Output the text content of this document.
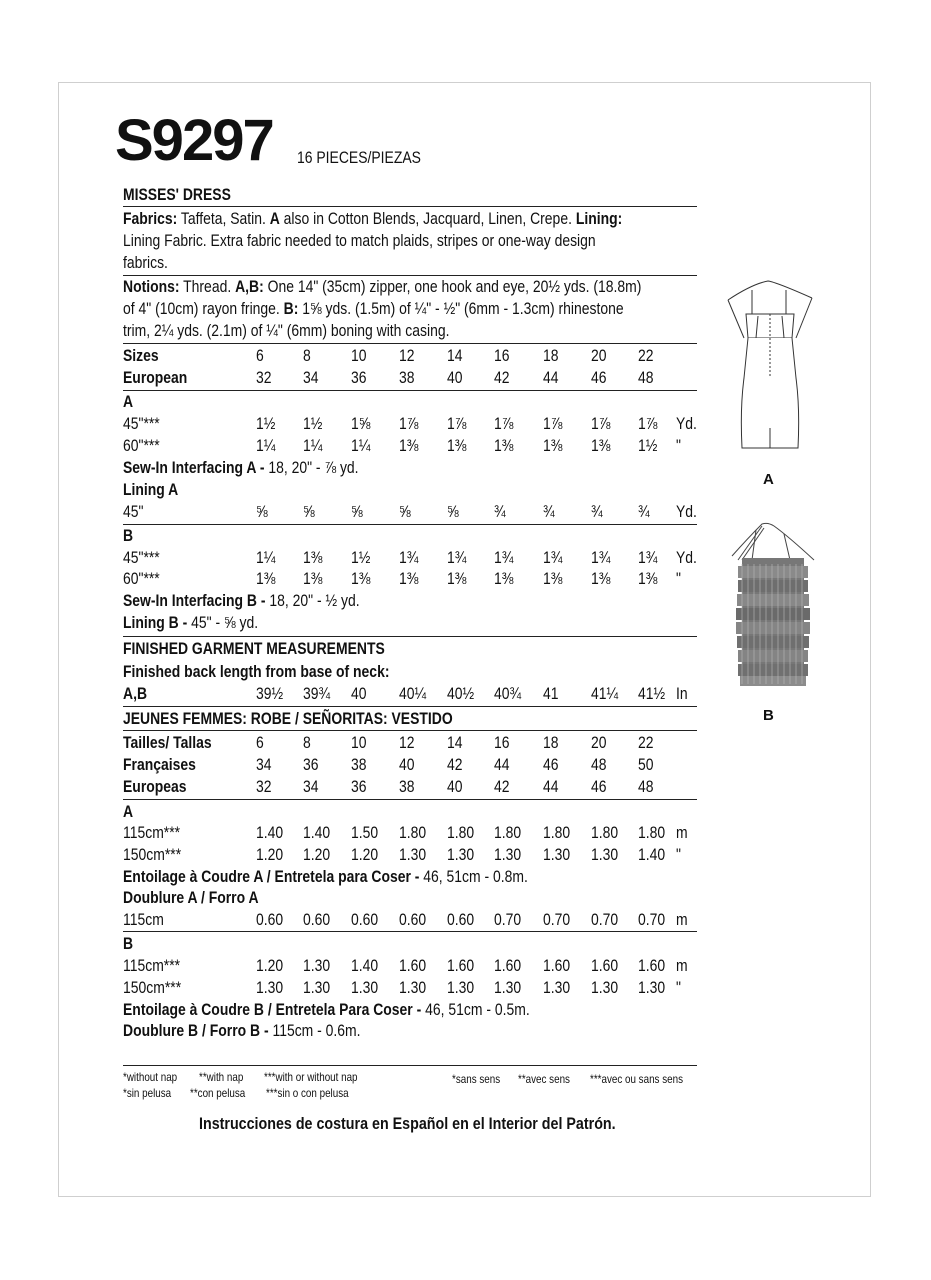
S9297 16 PIECES/PIEZAS
MISSES' DRESS
Fabrics: Taffeta, Satin. A also in Cotton Blends, Jacquard, Linen, Crepe. Lining:
Lining Fabric. Extra fabric needed to match plaids, stripes or one-way design
fabrics.
Notions: Thread. A,B: One 14" (35cm) zipper, one hook and eye, 20½ yds. (18.8m)
of 4" (10cm) rayon fringe. B: 1⅝ yds. (1.5m) of ¼" - ½" (6mm - 1.3cm) rhinestone
trim, 2¼ yds. (2.1m) of ¼" (6mm) boning with casing.
Sizes	6 8 10 12 14 16 18 20 22
European	32 34 36 38 40 42 44 46 48
A
45"***	1½ 1½ 1⅝ 1⅞ 1⅞ 1⅞ 1⅞ 1⅞ 1⅞ Yd.
60"***	1¼ 1¼ 1¼ 1⅜ 1⅜ 1⅜ 1⅜ 1⅜ 1½ "
Sew-In Interfacing A - 18, 20" - ⅞ yd.
Lining A
45"	⅝ ⅝ ⅝ ⅝ ⅝ ¾ ¾ ¾ ¾ Yd.
B
45"***	1¼ 1⅜ 1½ 1¾ 1¾ 1¾ 1¾ 1¾ 1¾ Yd.
60"***	1⅜ 1⅜ 1⅜ 1⅜ 1⅜ 1⅜ 1⅜ 1⅜ 1⅜ "
Sew-In Interfacing B - 18, 20" - ½ yd.
Lining B - 45" - ⅝ yd.
FINISHED GARMENT MEASUREMENTS
Finished back length from base of neck:
A,B	39½ 39¾ 40 40¼ 40½ 40¾ 41 41¼ 41½ In
JEUNES FEMMES: ROBE / SEÑORITAS: VESTIDO
Tailles/ Tallas	6 8 10 12 14 16 18 20 22
Françaises	34 36 38 40 42 44 46 48 50
Europeas	32 34 36 38 40 42 44 46 48
A
115cm***	1.40 1.40 1.50 1.80 1.80 1.80 1.80 1.80 1.80 m
150cm***	1.20 1.20 1.20 1.30 1.30 1.30 1.30 1.30 1.40 "
Entoilage à Coudre A / Entretela para Coser - 46, 51cm - 0.8m.
Doublure A / Forro A
115cm	0.60 0.60 0.60 0.60 0.60 0.70 0.70 0.70 0.70 m
B
115cm***	1.20 1.30 1.40 1.60 1.60 1.60 1.60 1.60 1.60 m
150cm***	1.30 1.30 1.30 1.30 1.30 1.30 1.30 1.30 1.30 "
Entoilage à Coudre B / Entretela Para Coser - 46, 51cm - 0.5m.
Doublure B / Forro B - 115cm - 0.6m.
*without nap **with nap ***with or without nap
*sin pelusa **con pelusa ***sin o con pelusa
*sans sens **avec sens ***avec ou sans sens
Instrucciones de costura en Español en el Interior del Patrón.
A
B
